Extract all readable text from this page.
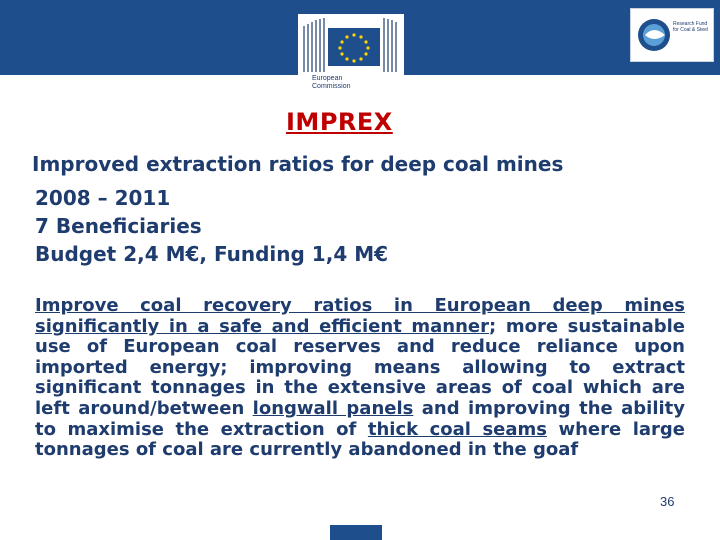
European
Commission
Research Fund
for Coal & Steel
IMPREX
Improved extraction ratios for deep coal mines
2008 – 2011
7 Beneficiaries
Budget 2,4 M€, Funding 1,4 M€
Improve coal recovery ratios in European deep mines significantly in a safe and efficient manner; more sustainable use of European coal reserves and reduce reliance upon imported energy; improving means allowing to extract significant tonnages in the extensive areas of coal which are left around/between longwall panels and improving the ability to maximise the extraction of thick coal seams where large tonnages of coal are currently abandoned in the goaf
36
